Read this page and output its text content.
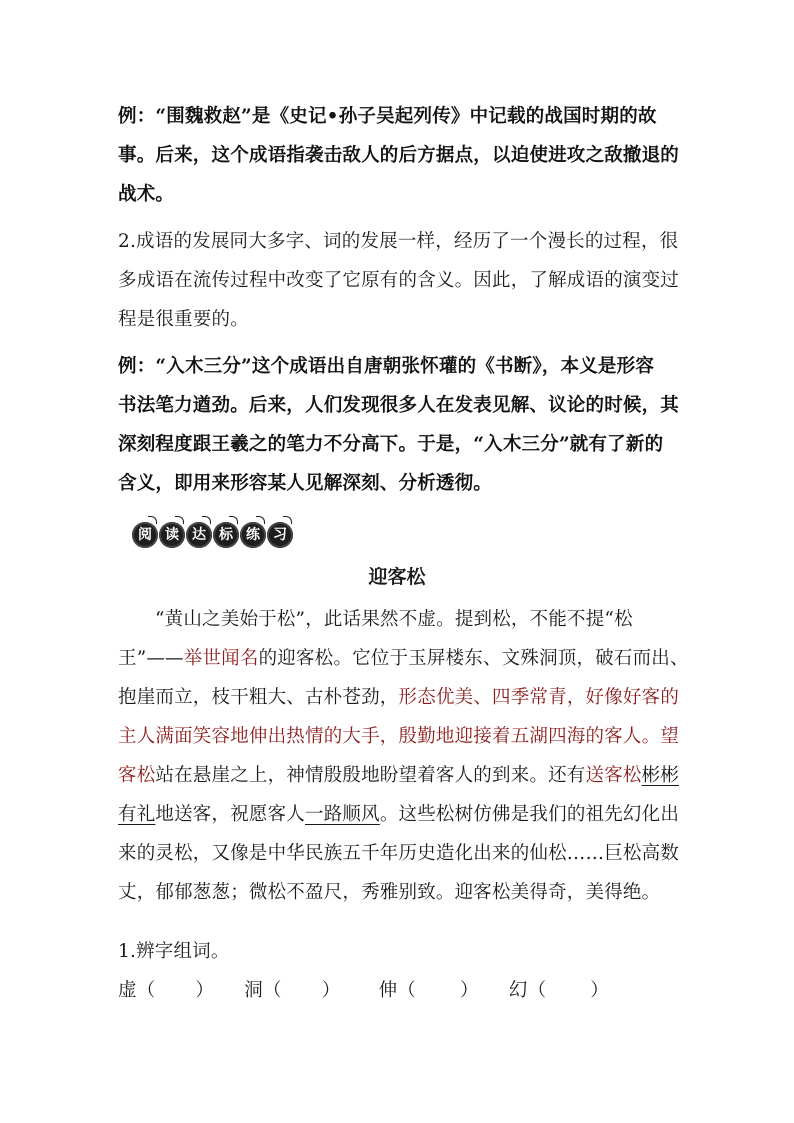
例：“围魏救赵”是《史记•孙子吴起列传》中记载的战国时期的故
事。后来，这个成语指袭击敌人的后方据点，以迫使进攻之敌撤退的
战术。
2.成语的发展同大多字、词的发展一样，经历了一个漫长的过程，很
多成语在流传过程中改变了它原有的含义。因此，了解成语的演变过
程是很重要的。
例：“入木三分”这个成语出自唐朝张怀瓘的《书断》，本义是形容
书法笔力遒劲。后来，人们发现很多人在发表见解、议论的时候，其
深刻程度跟王羲之的笔力不分高下。于是，“入木三分”就有了新的
含义，即用来形容某人见解深刻、分析透彻。
阅 读 达 标 练 习
迎客松
“黄山之美始于松”，此话果然不虚。提到松，不能不提“松
王”——举世闻名的迎客松。它位于玉屏楼东、文殊洞顶，破石而出、
抱崖而立，枝干粗大、古朴苍劲，形态优美、四季常青，好像好客的
主人满面笑容地伸出热情的大手，殷勤地迎接着五湖四海的客人。望
客松站在悬崖之上，神情殷殷地盼望着客人的到来。还有送客松彬彬
有礼地送客，祝愿客人一路顺风。这些松树仿佛是我们的祖先幻化出
来的灵松，又像是中华民族五千年历史造化出来的仙松……巨松高数
丈，郁郁葱葱；微松不盈尺，秀雅别致。迎客松美得奇，美得绝。
1.辨字组词。
虚（ ） 洞（ ） 伸（ ） 幻（ ）
